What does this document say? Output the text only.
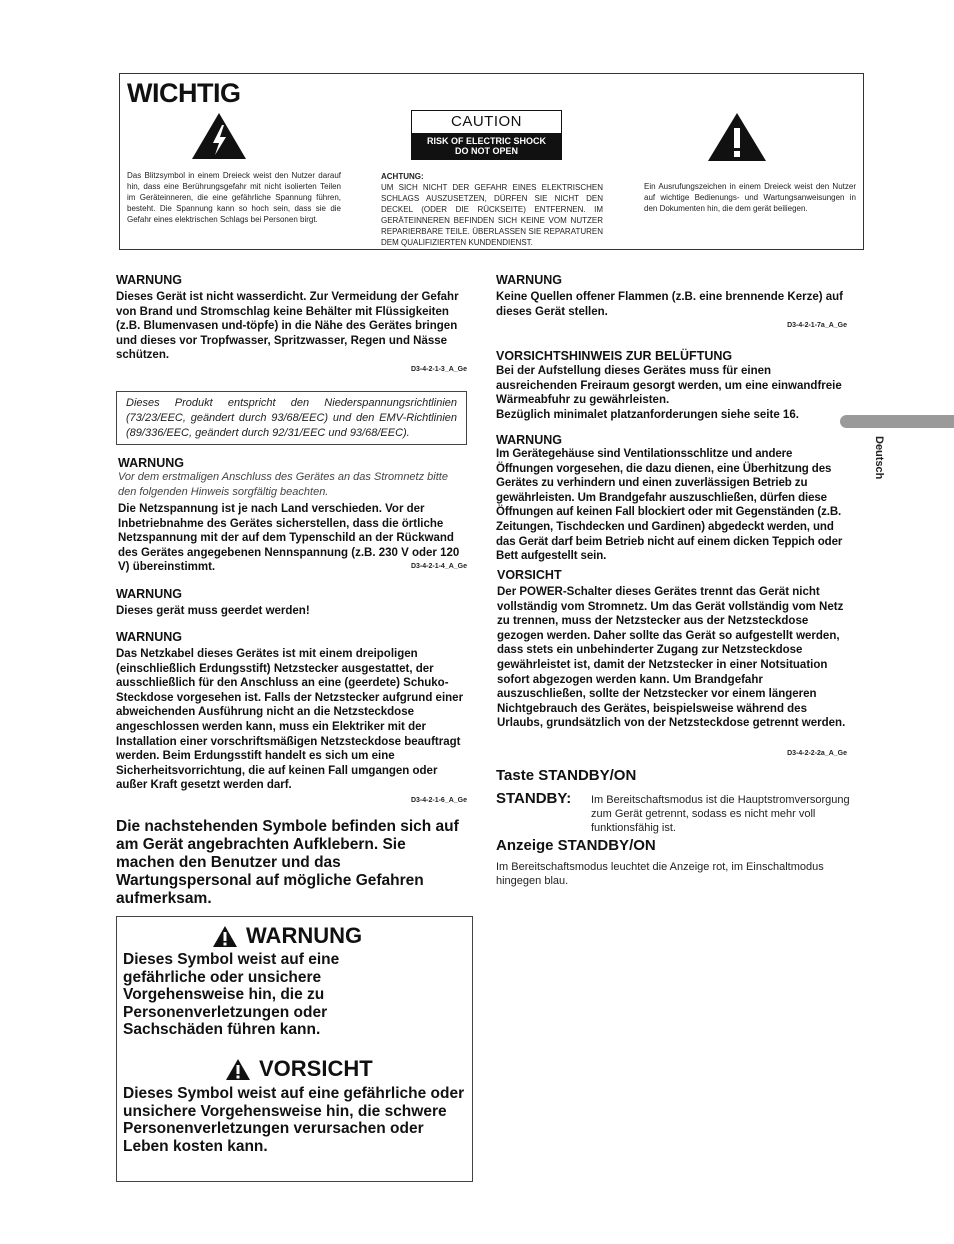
WICHTIG
CAUTION
RISK OF ELECTRIC SHOCK
DO NOT OPEN
Das Blitzsymbol in einem Dreieck weist den Nutzer darauf hin, dass eine Berührungsgefahr mit nicht isolierten Teilen im Geräteinneren, die eine gefährliche Spannung führen, besteht. Die Spannung kann so hoch sein, dass sie die Gefahr eines elektrischen Schlags bei Personen birgt.
ACHTUNG:
UM SICH NICHT DER GEFAHR EINES ELEKTRISCHEN SCHLAGS AUSZUSETZEN, DÜRFEN SIE NICHT DEN DECKEL (ODER DIE RÜCKSEITE) ENTFERNEN. IM GERÄTEINNEREN BEFINDEN SICH KEINE VOM NUTZER REPARIERBARE TEILE. ÜBERLASSEN SIE REPARATUREN DEM QUALIFIZIERTEN KUNDENDIENST.
Ein Ausrufungszeichen in einem Dreieck weist den Nutzer auf wichtige Bedienungs- und Wartungsanweisungen in den Dokumenten hin, die dem gerät beiliegen.
WARNUNG
Dieses Gerät ist nicht wasserdicht. Zur Vermeidung der Gefahr von Brand und Stromschlag keine Behälter mit Flüssigkeiten (z.B. Blumenvasen und-töpfe) in die Nähe des Gerätes bringen und dieses vor Tropfwasser, Spritzwasser, Regen und Nässe schützen.
D3-4-2-1-3_A_Ge
Dieses Produkt entspricht den Niederspannungsrichtlinien (73/23/EEC, geändert durch 93/68/EEC) und den EMV-Richtlinien (89/336/EEC, geändert durch 92/31/EEC und 93/68/EEC).
WARNUNG
Vor dem erstmaligen Anschluss des Gerätes an das Stromnetz bitte den folgenden Hinweis sorgfältig beachten.
Die Netzspannung ist je nach Land verschieden. Vor der Inbetriebnahme des Gerätes sicherstellen, dass die örtliche Netzspannung mit der auf dem Typenschild an der Rückwand des Gerätes angegebenen Nennspannung (z.B. 230 V oder 120 V) übereinstimmt.	D3-4-2-1-4_A_Ge
WARNUNG
Dieses gerät muss geerdet werden!
WARNUNG
Das Netzkabel dieses Gerätes ist mit einem dreipoligen (einschließlich Erdungsstift) Netzstecker ausgestattet, der ausschließlich für den Anschluss an eine (geerdete) Schuko-Steckdose vorgesehen ist. Falls der Netzstecker aufgrund einer abweichenden Ausführung nicht an die Netzsteckdose angeschlossen werden kann, muss ein Elektriker mit der Installation einer vorschriftsmäßigen Netzsteckdose beauftragt werden. Beim Erdungsstift handelt es sich um eine Sicherheitsvorrichtung, die auf keinen Fall umgangen oder außer Kraft gesetzt werden darf.
D3-4-2-1-6_A_Ge
Die nachstehenden Symbole befinden sich auf am Gerät angebrachten Aufklebern. Sie machen den Benutzer und das Wartungspersonal auf mögliche Gefahren aufmerksam.
WARNUNG
Dieses Symbol weist auf eine gefährliche oder unsichere Vorgehensweise hin, die zu Personenverletzungen oder Sachschäden führen kann.
VORSICHT
Dieses Symbol weist auf eine gefährliche oder unsichere Vorgehensweise hin, die schwere Personenverletzungen verursachen oder Leben kosten kann.
WARNUNG
Keine Quellen offener Flammen (z.B. eine brennende Kerze) auf dieses Gerät stellen.
D3-4-2-1-7a_A_Ge
VORSICHTSHINWEIS ZUR BELÜFTUNG
Bei der Aufstellung dieses Gerätes muss für einen ausreichenden Freiraum gesorgt werden, um eine einwandfreie Wärmeabfuhr zu gewährleisten.
Bezüglich minimalet platzanforderungen siehe seite 16.
WARNUNG
Im Gerätegehäuse sind Ventilationsschlitze und andere Öffnungen vorgesehen, die dazu dienen, eine Überhitzung des Gerätes zu verhindern und einen zuverlässigen Betrieb zu gewährleisten. Um Brandgefahr auszuschließen, dürfen diese Öffnungen auf keinen Fall blockiert oder mit Gegenständen (z.B. Zeitungen, Tischdecken und Gardinen) abgedeckt werden, und das Gerät darf beim Betrieb nicht auf einem dicken Teppich oder Bett aufgestellt sein.
VORSICHT
Der POWER-Schalter dieses Gerätes trennt das Gerät nicht vollständig vom Stromnetz. Um das Gerät vollständig vom Netz zu trennen, muss der Netzstecker aus der Netzsteckdose gezogen werden. Daher sollte das Gerät so aufgestellt werden, dass stets ein unbehinderter Zugang zur Netzsteckdose gewährleistet ist, damit der Netzstecker in einer Notsituation sofort abgezogen werden kann. Um Brandgefahr auszuschließen, sollte der Netzstecker vor einem längeren Nichtgebrauch des Gerätes, beispielsweise während des Urlaubs, grundsätzlich von der Netzsteckdose getrennt werden.
D3-4-2-2-2a_A_Ge
Taste STANDBY/ON
STANDBY: Im Bereitschaftsmodus ist die Hauptstromversorgung zum Gerät getrennt, sodass es nicht mehr voll funktionsfähig ist.
Anzeige STANDBY/ON
Im Bereitschaftsmodus leuchtet die Anzeige rot, im Einschaltmodus hingegen blau.
Deutsch
